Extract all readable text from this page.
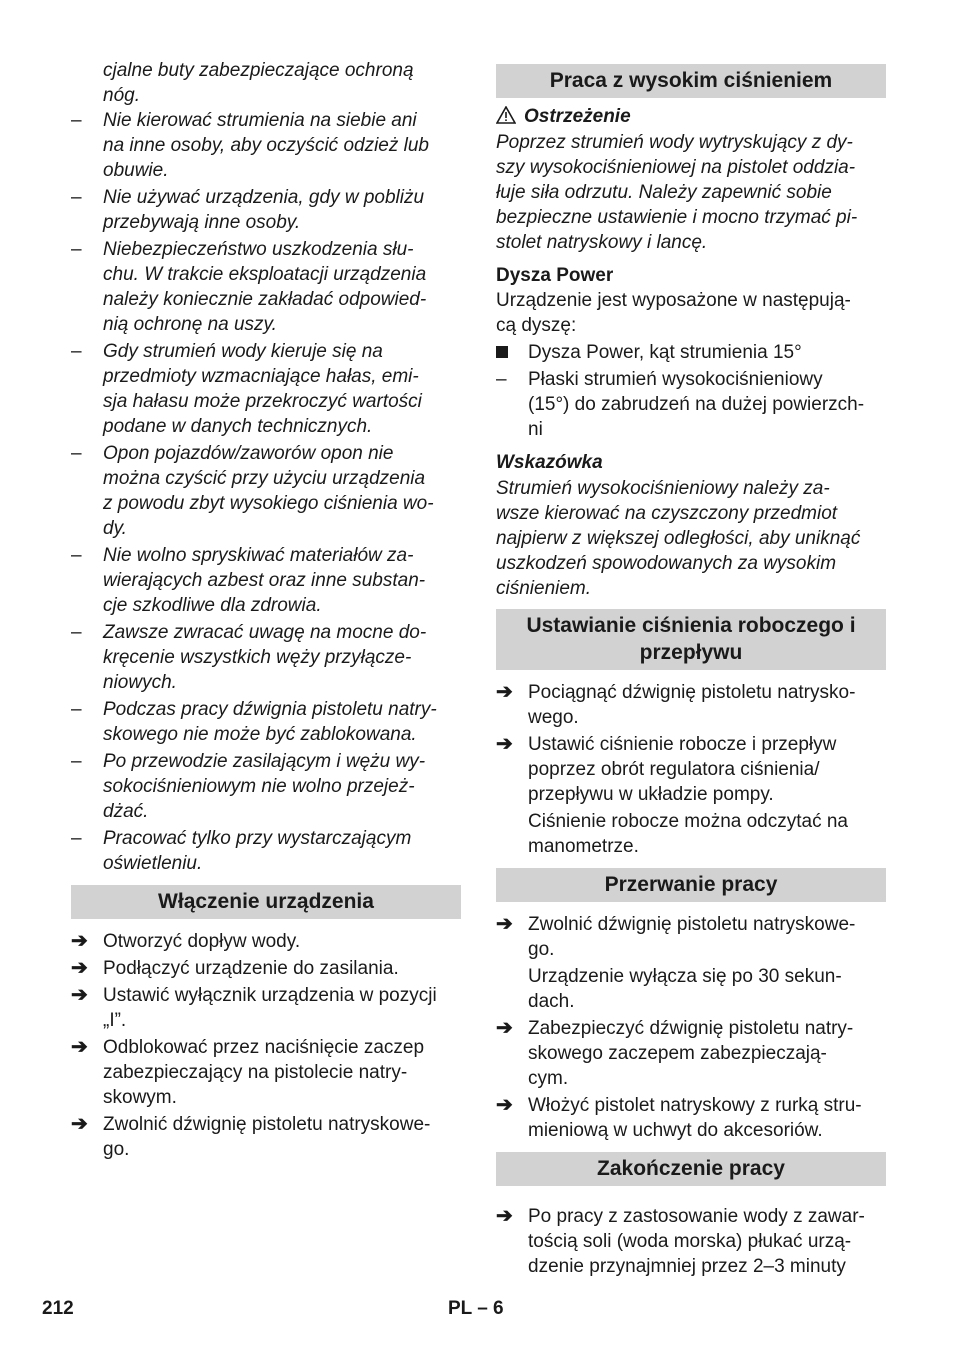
cjalne buty zabezpieczające ochroną

nóg.

–	Nie kierować strumienia na siebie ani
na inne osoby, aby oczyścić odzież lub
obuwie.
–	Nie używać urządzenia, gdy w pobliżu
przebywają inne osoby.
–	Niebezpieczeństwo uszkodzenia słu-
chu. W trakcie eksploatacji urządzenia
należy koniecznie zakładać odpowied-
nią ochronę na uszy.
–	Gdy strumień wody kieruje się na
przedmioty wzmacniające hałas, emi-
sja hałasu może przekroczyć wartości
podane w danych technicznych.
–	Opon pojazdów/zaworów opon nie
można czyścić przy użyciu urządzenia
z powodu zbyt wysokiego ciśnienia wo-
dy.
–	Nie wolno spryskiwać materiałów za-
wierających azbest oraz inne substan-
cje szkodliwe dla zdrowia.
–	Zawsze zwracać uwagę na mocne do-
kręcenie wszystkich węży przyłącze-
niowych.
–	Podczas pracy dźwignia pistoletu natry-
skowego nie może być zablokowana.
–	Po przewodzie zasilającym i wężu wy-
sokociśnieniowym nie wolno przejeż-
dżać.
–	Pracować tylko przy wystarczającym
oświetleniu.
Włączenie urządzenia
➔ Otworzyć dopływ wody.
➔ Podłączyć urządzenie do zasilania.
➔ Ustawić wyłącznik urządzenia w pozycji
„I”.
➔ Odblokować przez naciśnięcie zaczep
zabezpieczający na pistolecie natry-
skowym.
➔ Zwolnić dźwignię pistoletu natryskowe-
go.
Praca z wysokim ciśnieniem
Ostrzeżenie
Poprzez strumień wody wytryskujący z dy-
szy wysokociśnieniowej na pistolet oddzia-
łuje siła odrzutu. Należy zapewnić sobie
bezpieczne ustawienie i mocno trzymać pi-
stolet natryskowy i lancę.
Dysza Power
Urządzenie jest wyposażone w następują-
cą dyszę:
Dysza Power, kąt strumienia 15°
–	Płaski strumień wysokociśnieniowy
(15°) do zabrudzeń na dużej powierzch-
ni
Wskazówka
Strumień wysokociśnieniowy należy za-
wsze kierować na czyszczony przedmiot
najpierw z większej odległości, aby uniknąć
uszkodzeń spowodowanych za wysokim
ciśnieniem.
Ustawianie ciśnienia roboczego i
przepływu
➔ Pociągnąć dźwignię pistoletu natrysko-
wego.
➔ Ustawić ciśnienie robocze i przepływ
poprzez obrót regulatora ciśnienia/
przepływu w układzie pompy.
Ciśnienie robocze można odczytać na
manometrze.
Przerwanie pracy
➔ Zwolnić dźwignię pistoletu natryskowe-
go.
Urządzenie wyłącza się po 30 sekun-
dach.
➔ Zabezpieczyć dźwignię pistoletu natry-
skowego zaczepem zabezpieczają-
cym.
➔ Włożyć pistolet natryskowy z rurką stru-
mieniową w uchwyt do akcesoriów.
Zakończenie pracy
➔ Po pracy z zastosowanie wody z zawar-
tością soli (woda morska) płukać urzą-
dzenie przynajmniej przez 2–3 minuty
212	PL – 6
